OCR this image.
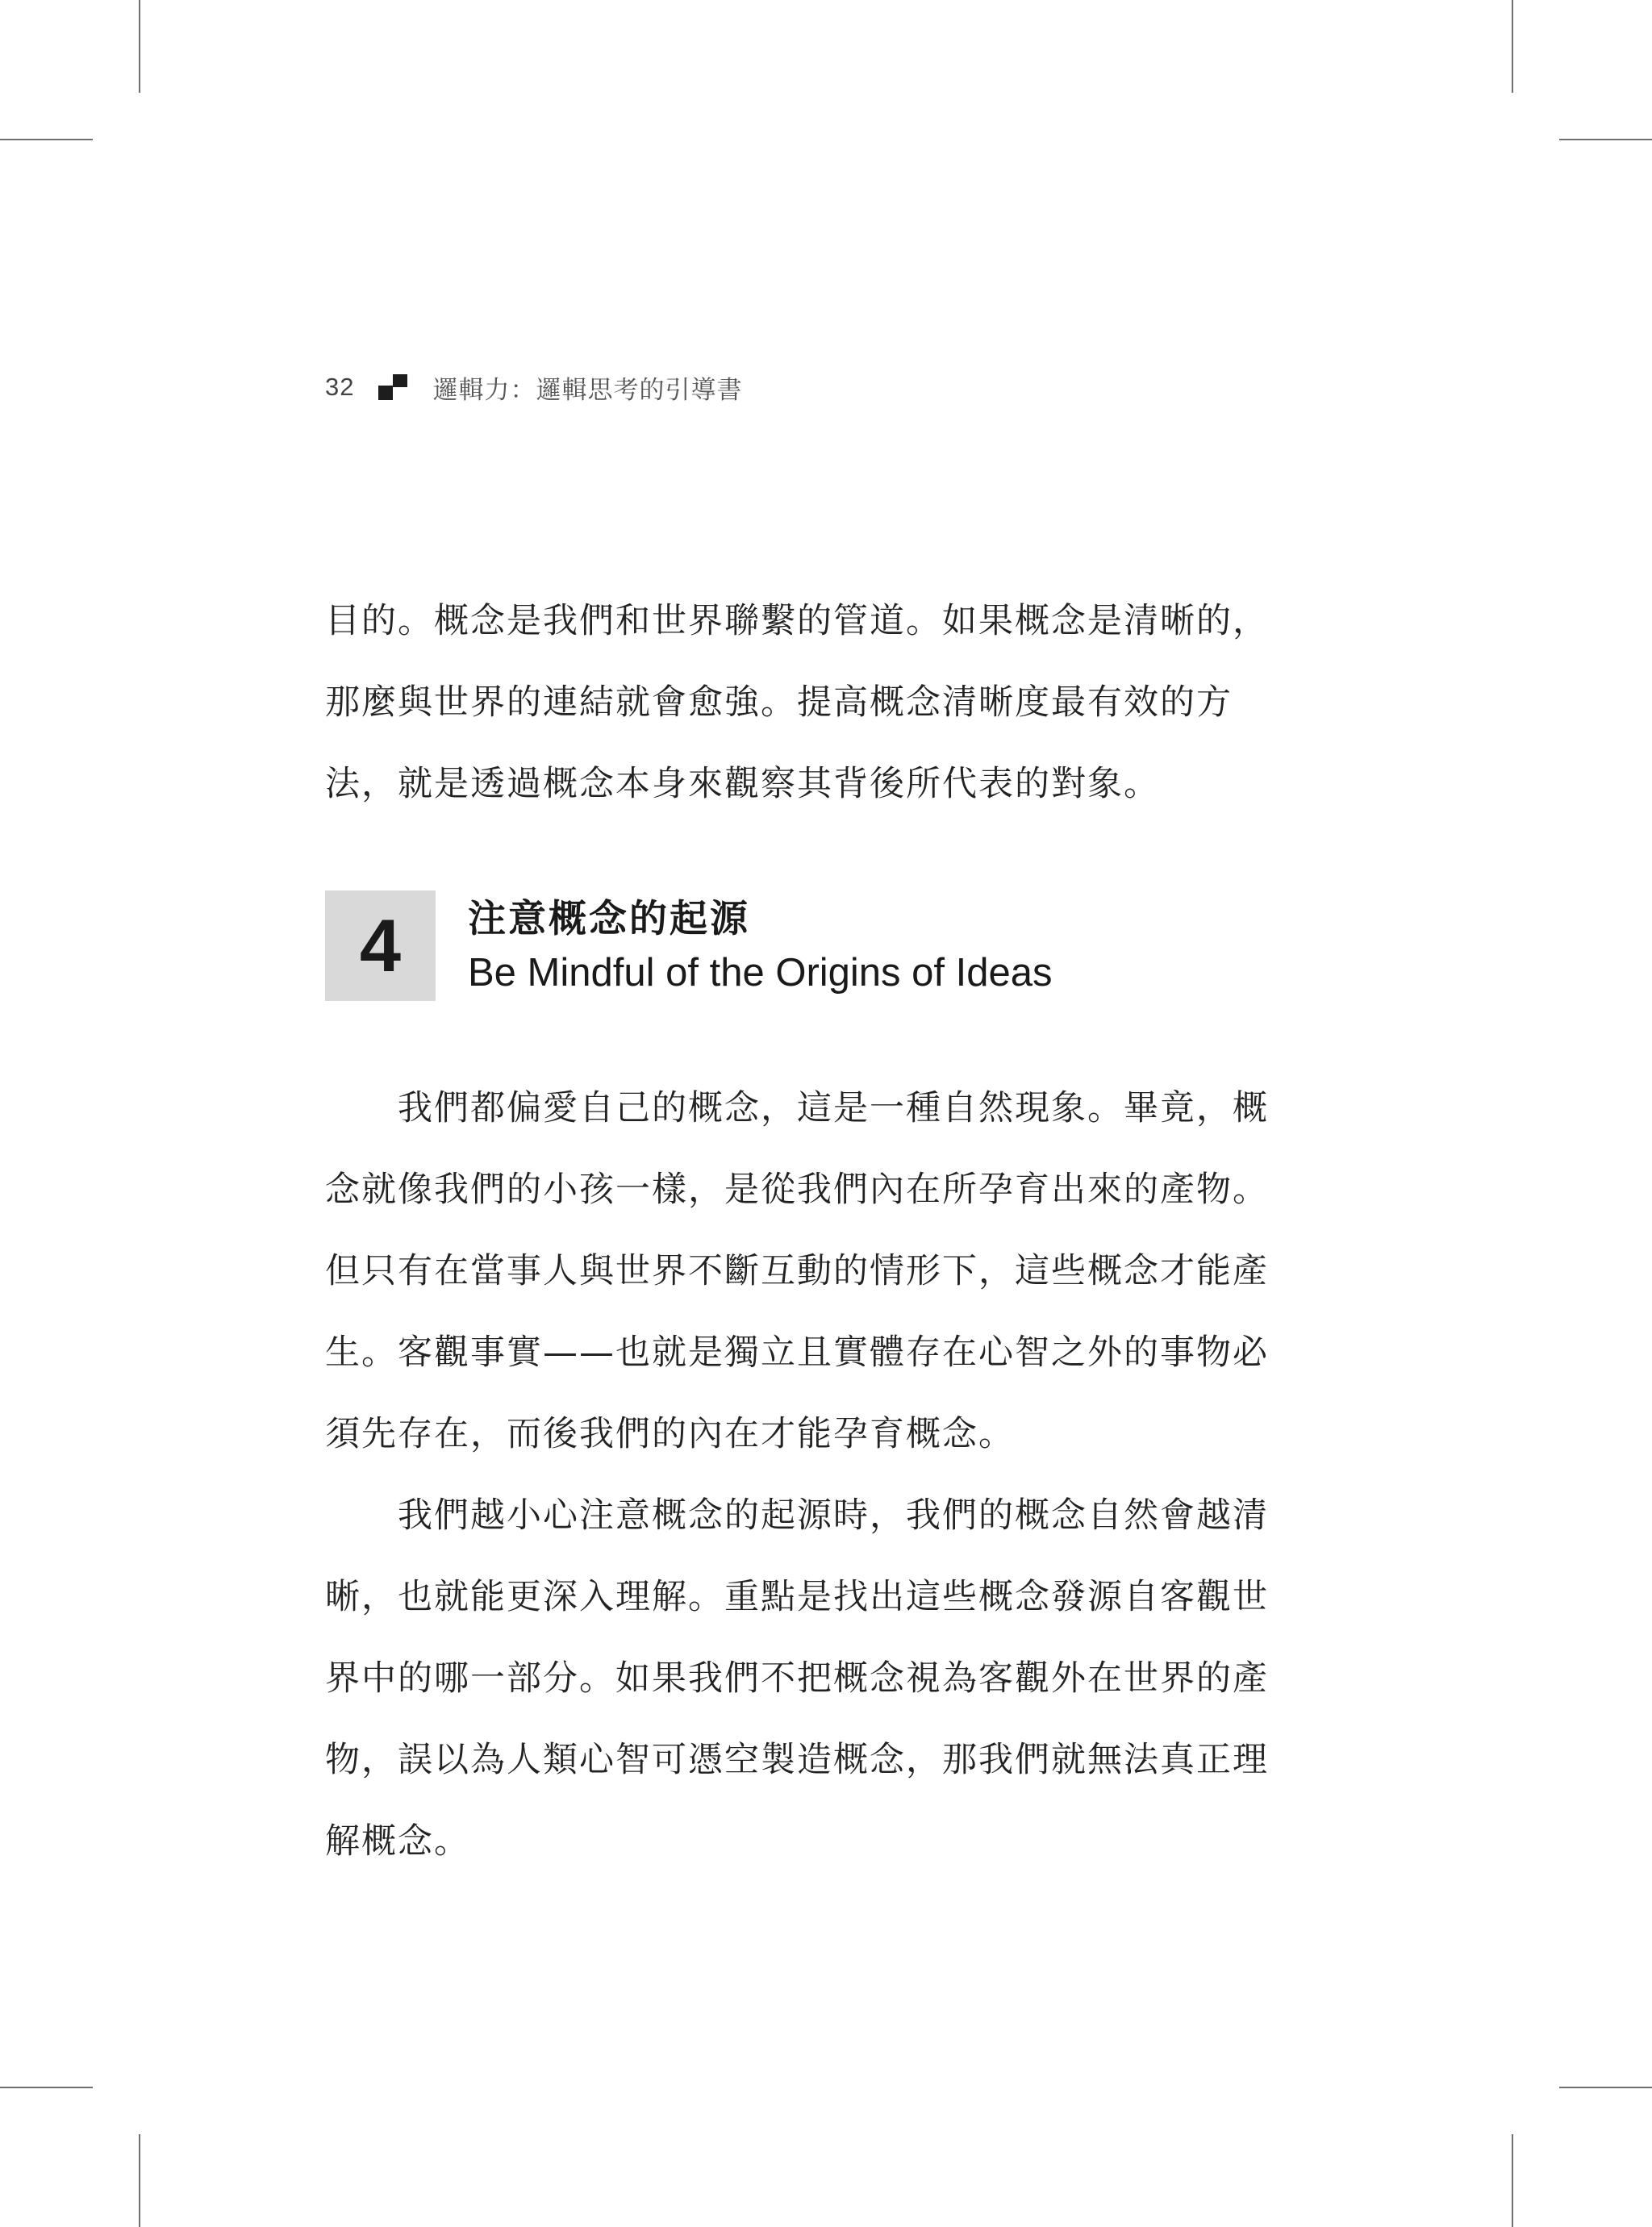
32	邏輯力：邏輯思考的引導書

目的。概念是我們和世界聯繫的管道。如果概念是清晰的，那麼與世界的連結就會愈強。提高概念清晰度最有效的方法，就是透過概念本身來觀察其背後所代表的對象。

4 注意概念的起源
Be Mindful of the Origins of Ideas

我們都偏愛自己的概念，這是一種自然現象。畢竟，概念就像我們的小孩一樣，是從我們內在所孕育出來的產物。但只有在當事人與世界不斷互動的情形下，這些概念才能產生。客觀事實——也就是獨立且實體存在心智之外的事物必須先存在，而後我們的內在才能孕育概念。

我們越小心注意概念的起源時，我們的概念自然會越清晰，也就能更深入理解。重點是找出這些概念發源自客觀世界中的哪一部分。如果我們不把概念視為客觀外在世界的產物，誤以為人類心智可憑空製造概念，那我們就無法真正理解概念。
